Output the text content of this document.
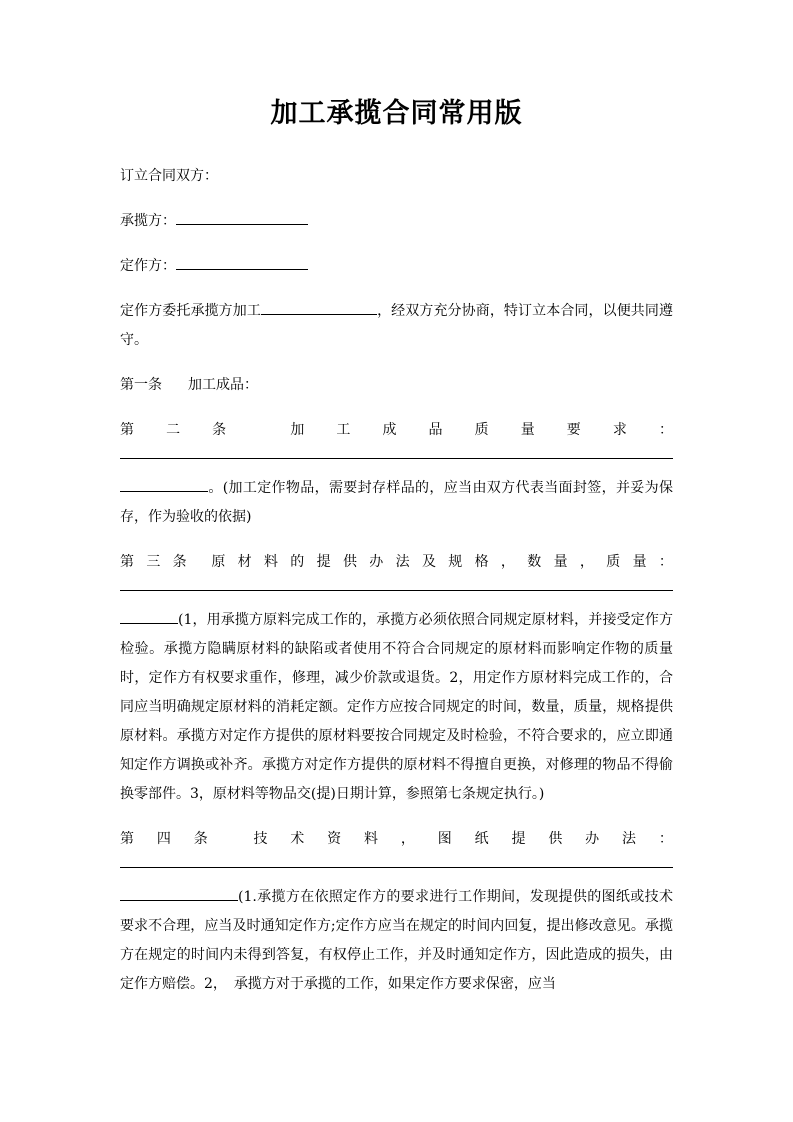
加工承揽合同常用版

订立合同双方：

承揽方：

定作方：

定作方委托承揽方加工	，经双方充分协商，特订立本合同，以便共同遵守。

第一条 加工成品：

第 二 条	加 工 成 品 质 量 要 求 ：
。(加工定作物品，需要封存样品的，应当由双方代表当面封签，并妥为保存，作为验收的依据)
第 三 条 原 材 料 的 提 供 办 法 及 规 格 ， 数 量 ， 质 量 ：
(1，用承揽方原料完成工作的，承揽方必须依照合同规定原材料，并接受定作方检验。承揽方隐瞒原材料的缺陷或者使用不符合合同规定的原材料而影响定作物的质量时，定作方有权要求重作，修理，减少价款或退货。2，用定作方原材料完成工作的，合同应当明确规定原材料的消耗定额。定作方应按合同规定的时间，数量，质量，规格提供原材料。承揽方对定作方提供的原材料要按合同规定及时检验，不符合要求的，应立即通知定作方调换或补齐。承揽方对定作方提供的原材料不得擅自更换，对修理的物品不得偷换零部件。3，原材料等物品交(提)日期计算，参照第七条规定执行。)
第 四 条	技 术 资 料 ， 图 纸 提 供 办 法 ：
(1.承揽方在依照定作方的要求进行工作期间，发现提供的图纸或技术要求不合理，应当及时通知定作方;定作方应当在规定的时间内回复，提出修改意见。承揽方在规定的时间内未得到答复，有权停止工作，并及时通知定作方，因此造成的损失，由定作方赔偿。2，　承揽方对于承揽的工作，如果定作方要求保密，应当
